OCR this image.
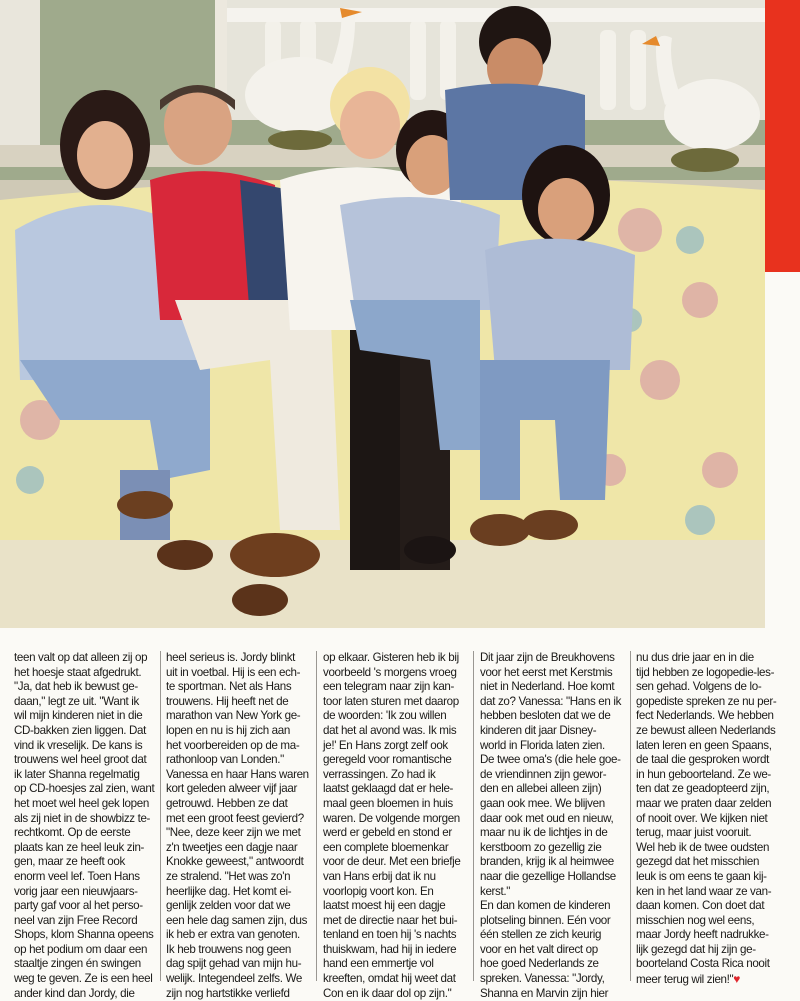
teen valt op dat alleen zij op
het hoesje staat afgedrukt.
"Ja, dat heb ik bewust ge-
daan," legt ze uit. "Want ik
wil mijn kinderen niet in die
CD-bakken zien liggen. Dat
vind ik vreselijk. De kans is
trouwens wel heel groot dat
ik later Shanna regelmatig
op CD-hoesjes zal zien, want
het moet wel heel gek lopen
als zij niet in de showbizz te-
rechtkomt. Op de eerste
plaats kan ze heel leuk zin-
gen, maar ze heeft ook
enorm veel lef. Toen Hans
vorig jaar een nieuwjaars-
party gaf voor al het perso-
neel van zijn Free Record
Shops, klom Shanna opeens
op het podium om daar een
staaltje zingen én swingen
weg te geven. Ze is een heel
ander kind dan Jordy, die

heel serieus is. Jordy blinkt
uit in voetbal. Hij is een ech-
te sportman. Net als Hans
trouwens. Hij heeft net de
marathon van New York ge-
lopen en nu is hij zich aan
het voorbereiden op de ma-
rathonloop van Londen."
Vanessa en haar Hans waren
kort geleden alweer vijf jaar
getrouwd. Hebben ze dat
met een groot feest gevierd?
"Nee, deze keer zijn we met
z'n tweetjes een dagje naar
Knokke geweest," antwoordt
ze stralend. "Het was zo'n
heerlijke dag. Het komt ei-
genlijk zelden voor dat we
een hele dag samen zijn, dus
ik heb er extra van genoten.
Ik heb trouwens nog geen
dag spijt gehad van mijn hu-
welijk. Integendeel zelfs. We
zijn nog hartstikke verliefd

op elkaar. Gisteren heb ik bij
voorbeeld 's morgens vroeg
een telegram naar zijn kan-
toor laten sturen met daarop
de woorden: 'Ik zou willen
dat het al avond was. Ik mis
je!' En Hans zorgt zelf ook
geregeld voor romantische
verrassingen. Zo had ik
laatst geklaagd dat er hele-
maal geen bloemen in huis
waren. De volgende morgen
werd er gebeld en stond er
een complete bloemenkar
voor de deur. Met een briefje
van Hans erbij dat ik nu
voorlopig voort kon. En
laatst moest hij een dagje
met de directie naar het bui-
tenland en toen hij 's nachts
thuiskwam, had hij in iedere
hand een emmertje vol
kreeften, omdat hij weet dat
Con en ik daar dol op zijn."

Dit jaar zijn de Breukhovens
voor het eerst met Kerstmis
niet in Nederland. Hoe komt
dat zo? Vanessa: "Hans en ik
hebben besloten dat we de
kinderen dit jaar Disney-
world in Florida laten zien.
De twee oma's (die hele goe-
de vriendinnen zijn gewor-
den en allebei alleen zijn)
gaan ook mee. We blijven
daar ook met oud en nieuw,
maar nu ik de lichtjes in de
kerstboom zo gezellig zie
branden, krijg ik al heimwee
naar die gezellige Hollandse
kerst."
En dan komen de kinderen
plotseling binnen. Eén voor
één stellen ze zich keurig
voor en het valt direct op
hoe goed Nederlands ze
spreken. Vanessa: "Jordy,
Shanna en Marvin zijn hier

nu dus drie jaar en in die
tijd hebben ze logopedie-les-
sen gehad. Volgens de lo-
gopediste spreken ze nu per-
fect Nederlands. We hebben
ze bewust alleen Nederlands
laten leren en geen Spaans,
de taal die gesproken wordt
in hun geboorteland. Ze we-
ten dat ze geadopteerd zijn,
maar we praten daar zelden
of nooit over. We kijken niet
terug, maar juist vooruit.
Wel heb ik de twee oudsten
gezegd dat het misschien
leuk is om eens te gaan kij-
ken in het land waar ze van-
daan komen. Con doet dat
misschien nog wel eens,
maar Jordy heeft nadrukke-
lijk gezegd dat hij zijn ge-
boorteland Costa Rica nooit
meer terug wil zien!"♥
